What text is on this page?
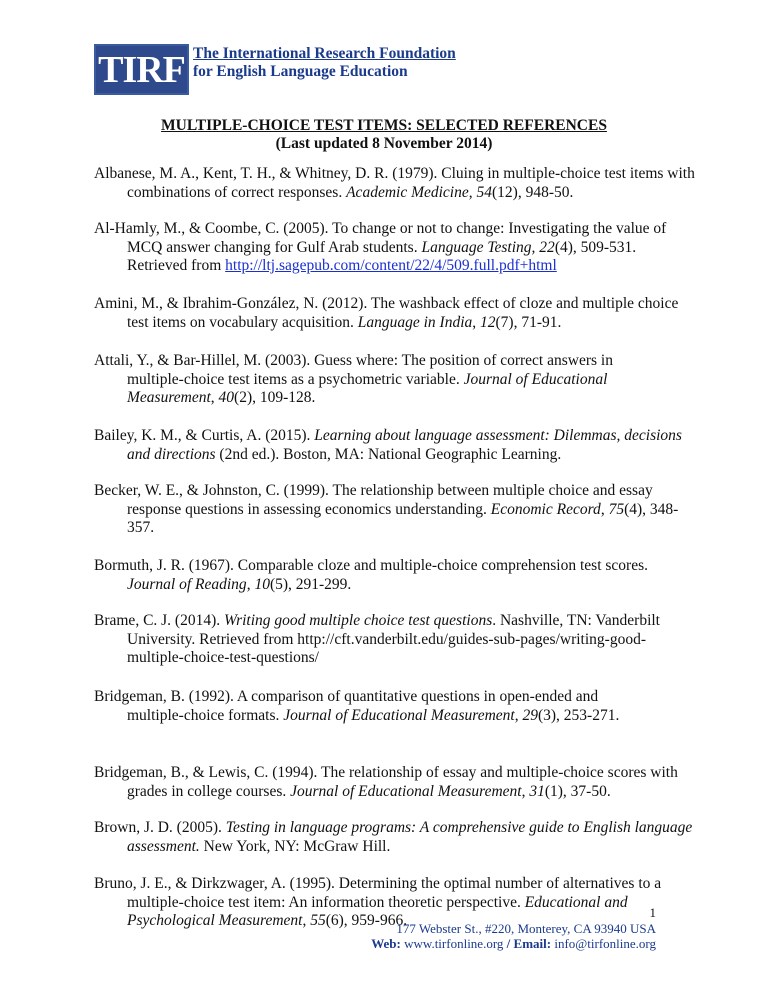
TIRF The International Research Foundation
for English Language Education
MULTIPLE-CHOICE TEST ITEMS: SELECTED REFERENCES
(Last updated 8 November 2014)
Albanese, M. A., Kent, T. H., & Whitney, D. R. (1979). Cluing in multiple-choice test items with
combinations of correct responses. Academic Medicine, 54(12), 948-50.
Al-Hamly, M., & Coombe, C. (2005). To change or not to change: Investigating the value of
MCQ answer changing for Gulf Arab students. Language Testing, 22(4), 509-531.
Retrieved from http://ltj.sagepub.com/content/22/4/509.full.pdf+html
Amini, M., & Ibrahim-González, N. (2012). The washback effect of cloze and multiple choice
test items on vocabulary acquisition. Language in India, 12(7), 71-91.
Attali, Y., & Bar-Hillel, M. (2003). Guess where: The position of correct answers in
multiple-choice test items as a psychometric variable. Journal of Educational
Measurement, 40(2), 109-128.
Bailey, K. M., & Curtis, A. (2015). Learning about language assessment: Dilemmas, decisions
and directions (2nd ed.). Boston, MA: National Geographic Learning.
Becker, W. E., & Johnston, C. (1999). The relationship between multiple choice and essay
response questions in assessing economics understanding. Economic Record, 75(4), 348-
357.
Bormuth, J. R. (1967). Comparable cloze and multiple-choice comprehension test scores.
Journal of Reading, 10(5), 291-299.
Brame, C. J. (2014). Writing good multiple choice test questions. Nashville, TN: Vanderbilt
University. Retrieved from http://cft.vanderbilt.edu/guides-sub-pages/writing-good-
multiple-choice-test-questions/
Bridgeman, B. (1992). A comparison of quantitative questions in open-ended and
multiple-choice formats. Journal of Educational Measurement, 29(3), 253-271.
Bridgeman, B., & Lewis, C. (1994). The relationship of essay and multiple-choice scores with
grades in college courses. Journal of Educational Measurement, 31(1), 37-50.
Brown, J. D. (2005). Testing in language programs: A comprehensive guide to English language
assessment. New York, NY: McGraw Hill.
Bruno, J. E., & Dirkzwager, A. (1995). Determining the optimal number of alternatives to a
multiple-choice test item: An information theoretic perspective. Educational and
Psychological Measurement, 55(6), 959-966.	1
177 Webster St., #220, Monterey, CA 93940 USA
Web: www.tirfonline.org / Email: info@tirfonline.org
